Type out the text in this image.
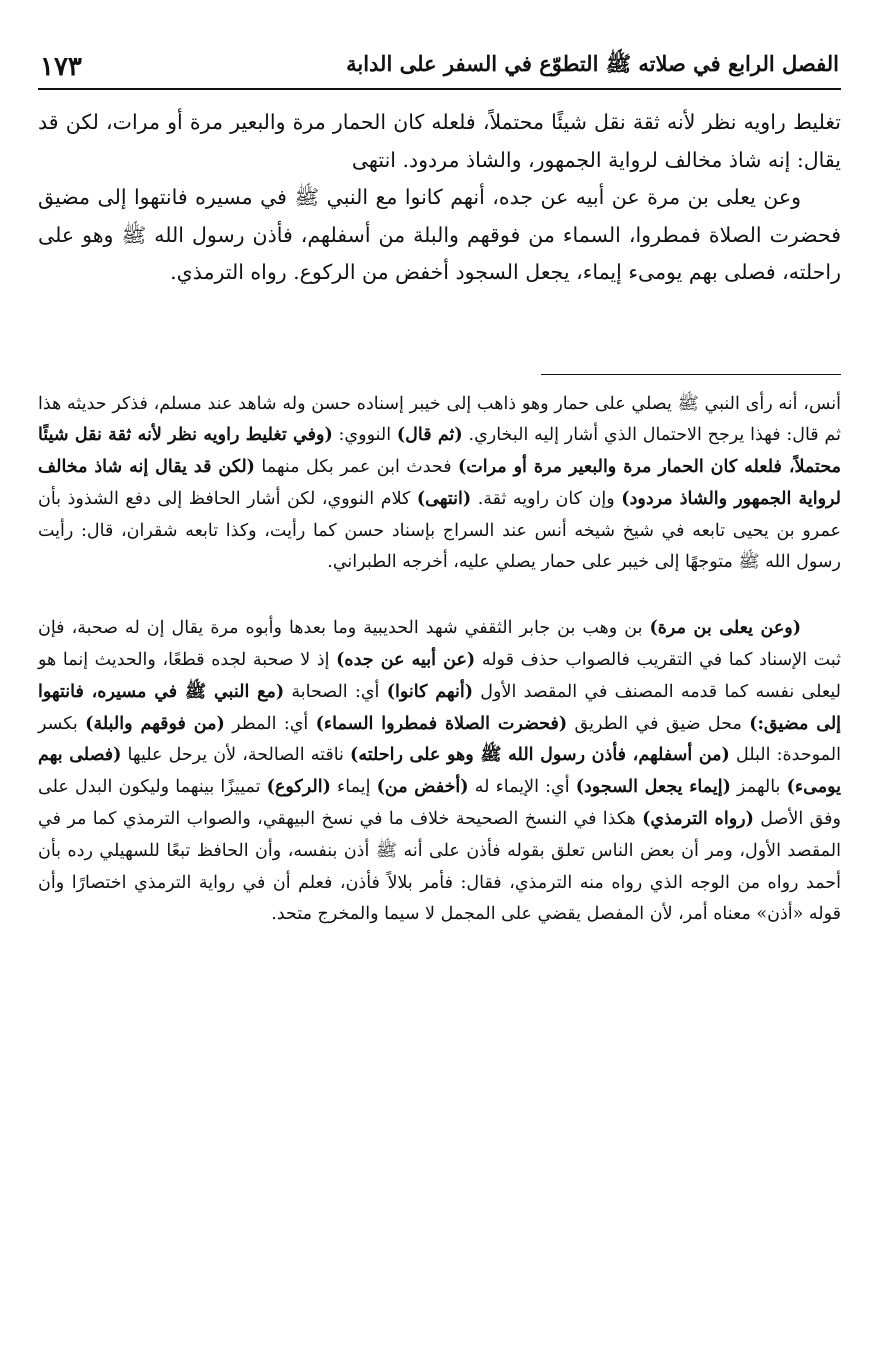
الفصل الرابع في صلاته ﷺ التطوّع في السفر على الدابة
١٧٣

تغليط راويه نظر لأنه ثقة نقل شيئًا محتملاً، فلعله كان الحمار مرة والبعير مرة أو مرات، لكن قد يقال: إنه شاذ مخالف لرواية الجمهور، والشاذ مردود. انتهى

وعن يعلى بن مرة عن أبيه عن جده، أنهم كانوا مع النبي ﷺ في مسيره فانتهوا إلى مضيق فحضرت الصلاة فمطروا، السماء من فوقهم والبلة من أسفلهم، فأذن رسول الله ﷺ وهو على راحلته، فصلى بهم يومىء إيماء، يجعل السجود أخفض من الركوع. رواه الترمذي.

أنس، أنه رأى النبي ﷺ يصلي على حمار وهو ذاهب إلى خيبر إسناده حسن وله شاهد عند مسلم، فذكر حديثه هذا ثم قال: فهذا يرجح الاحتمال الذي أشار إليه البخاري. (ثم قال) النووي: (وفي تغليط راويه نظر لأنه ثقة نقل شيئًا محتملاً، فلعله كان الحمار مرة والبعير مرة أو مرات) فحدث ابن عمر بكل منهما (لكن قد يقال إنه شاذ مخالف لرواية الجمهور والشاذ مردود) وإن كان راويه ثقة. (انتهى) كلام النووي، لكن أشار الحافظ إلى دفع الشذوذ بأن عمرو بن يحيى تابعه في شيخ شيخه أنس عند السراج بإسناد حسن كما رأيت، وكذا تابعه شقران، قال: رأيت رسول الله ﷺ متوجهًا إلى خيبر على حمار يصلي عليه، أخرجه الطبراني.

(وعن يعلى بن مرة) بن وهب بن جابر الثقفي شهد الحديبية وما بعدها وأبوه مرة يقال إن له صحبة، فإن ثبت الإسناد كما في التقريب فالصواب حذف قوله (عن أبيه عن جده) إذ لا صحبة لجده قطعًا، والحديث إنما هو ليعلى نفسه كما قدمه المصنف في المقصد الأول (أنهم كانوا) أي: الصحابة (مع النبي ﷺ في مسيره، فانتهوا إلى مضيق:) محل ضيق في الطريق (فحضرت الصلاة فمطروا السماء) أي: المطر (من فوقهم والبلة) بكسر الموحدة: البلل (من أسفلهم، فأذن رسول الله ﷺ وهو على راحلته) ناقته الصالحة، لأن يرحل عليها (فصلى بهم يومىء) بالهمز (إيماء يجعل السجود) أي: الإيماء له (أخفض من) إيماء (الركوع) تمييزًا بينهما وليكون البدل على وفق الأصل (رواه الترمذي) هكذا في النسخ الصحيحة خلاف ما في نسخ البيهقي، والصواب الترمذي كما مر في المقصد الأول، ومر أن بعض الناس تعلق بقوله فأذن على أنه ﷺ أذن بنفسه، وأن الحافظ تبعًا للسهيلي رده بأن أحمد رواه من الوجه الذي رواه منه الترمذي، فقال: فأمر بلالاً فأذن، فعلم أن في رواية الترمذي اختصارًا وأن قوله «أذن» معناه أمر، لأن المفصل يقضي على المجمل لا سيما والمخرج متحد.
